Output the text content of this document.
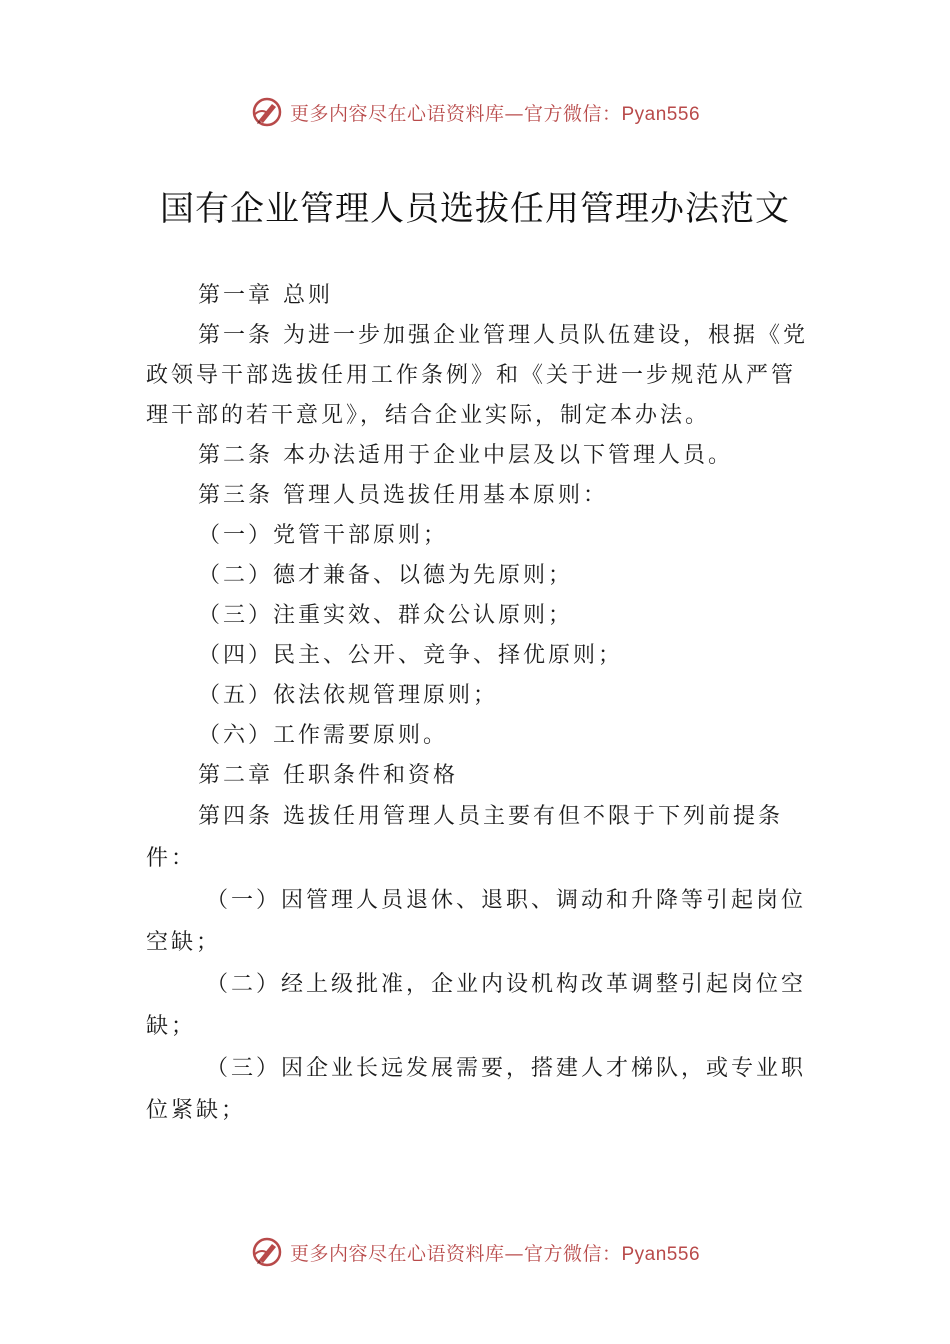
更多内容尽在心语资料库—官方微信：Pyan556
国有企业管理人员选拔任用管理办法范文

第一章 总则

第一条 为进一步加强企业管理人员队伍建设，根据《党政领导干部选拔任用工作条例》和《关于进一步规范从严管理干部的若干意见》，结合企业实际，制定本办法。

第二条 本办法适用于企业中层及以下管理人员。

第三条 管理人员选拔任用基本原则：

（一）党管干部原则；

（二）德才兼备、以德为先原则；

（三）注重实效、群众公认原则；

（四）民主、公开、竞争、择优原则；

（五）依法依规管理原则；

（六）工作需要原则。

第二章 任职条件和资格

第四条 选拔任用管理人员主要有但不限于下列前提条件：

（一）因管理人员退休、退职、调动和升降等引起岗位空缺；

（二）经上级批准，企业内设机构改革调整引起岗位空缺；

（三）因企业长远发展需要，搭建人才梯队，或专业职位紧缺；

更多内容尽在心语资料库—官方微信：Pyan556
